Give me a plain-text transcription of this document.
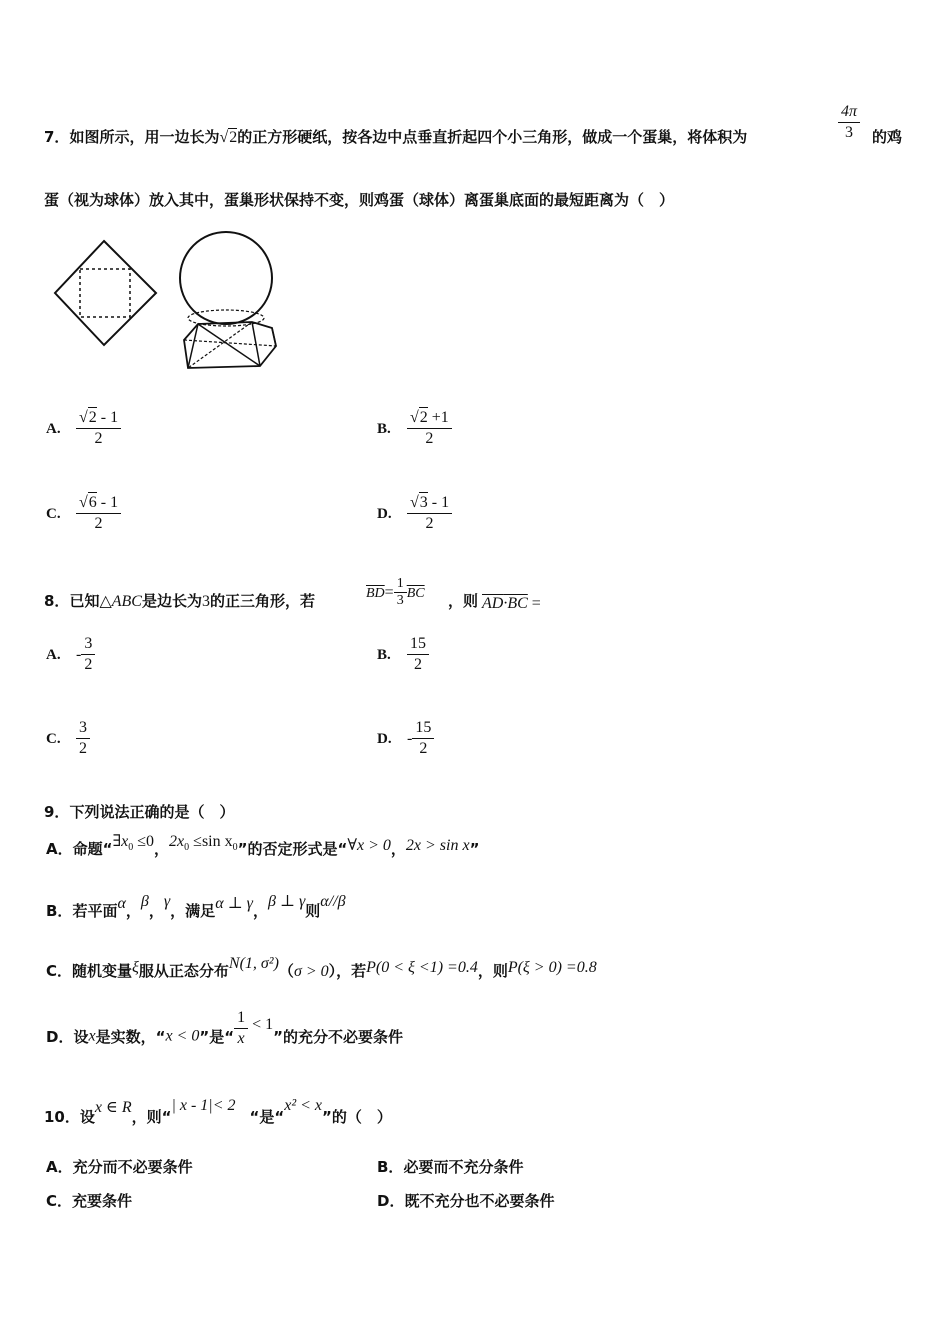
7．如图所示，用一边长为√2的正方形硬纸，按各边中点垂直折起四个小三角形，做成一个蛋巢，将体积为	$\frac{4\pi}{3}$ 的鸡
蛋（视为球体）放入其中，蛋巢形状保持不变，则鸡蛋（球体）离蛋巢底面的最短距离为（　）
A. $\frac{√2 - 1}{2}$	B. $\frac{√2 +1}{2}$
C. $\frac{√6 - 1}{2}$	D. $\frac{√3 - 1}{2}$
8．已知△ABC是边长为3的正三角形，若	$\overline{BD}= \frac{1}{3} \overline{BC}$ ，则 $\overline{AD}\cdot BC$ =
A. - $\frac{3}{2}$	B. $\frac{15}{2}$
C. $\frac{3}{2}$	D. - $\frac{15}{2}$
9．下列说法正确的是（　）
A．命题“$\exists x_0 \le 0$，$2x_0 \le\sin$ $x_0$”的否定形式是“∀x > 0，2x > sin x”
B．若平面α，β，γ，满足α ⊥ γ，β ⊥ γ则α//β
C．随机变量ξ服从正态分布N(1, σ²)（σ > 0），若P(0 < ξ <1) =0.4，则P(ξ > 0) =0.8
D．设x是实数，“x < 0”是“ $\frac{1}{x} < 1$”的充分不必要条件
10．设x ∈ R，则“| x - 1|< 2“是“x² < x”的（　）
A．充分而不必要条件	B．必要而不充分条件
C．充要条件	D．既不充分也不必要条件
